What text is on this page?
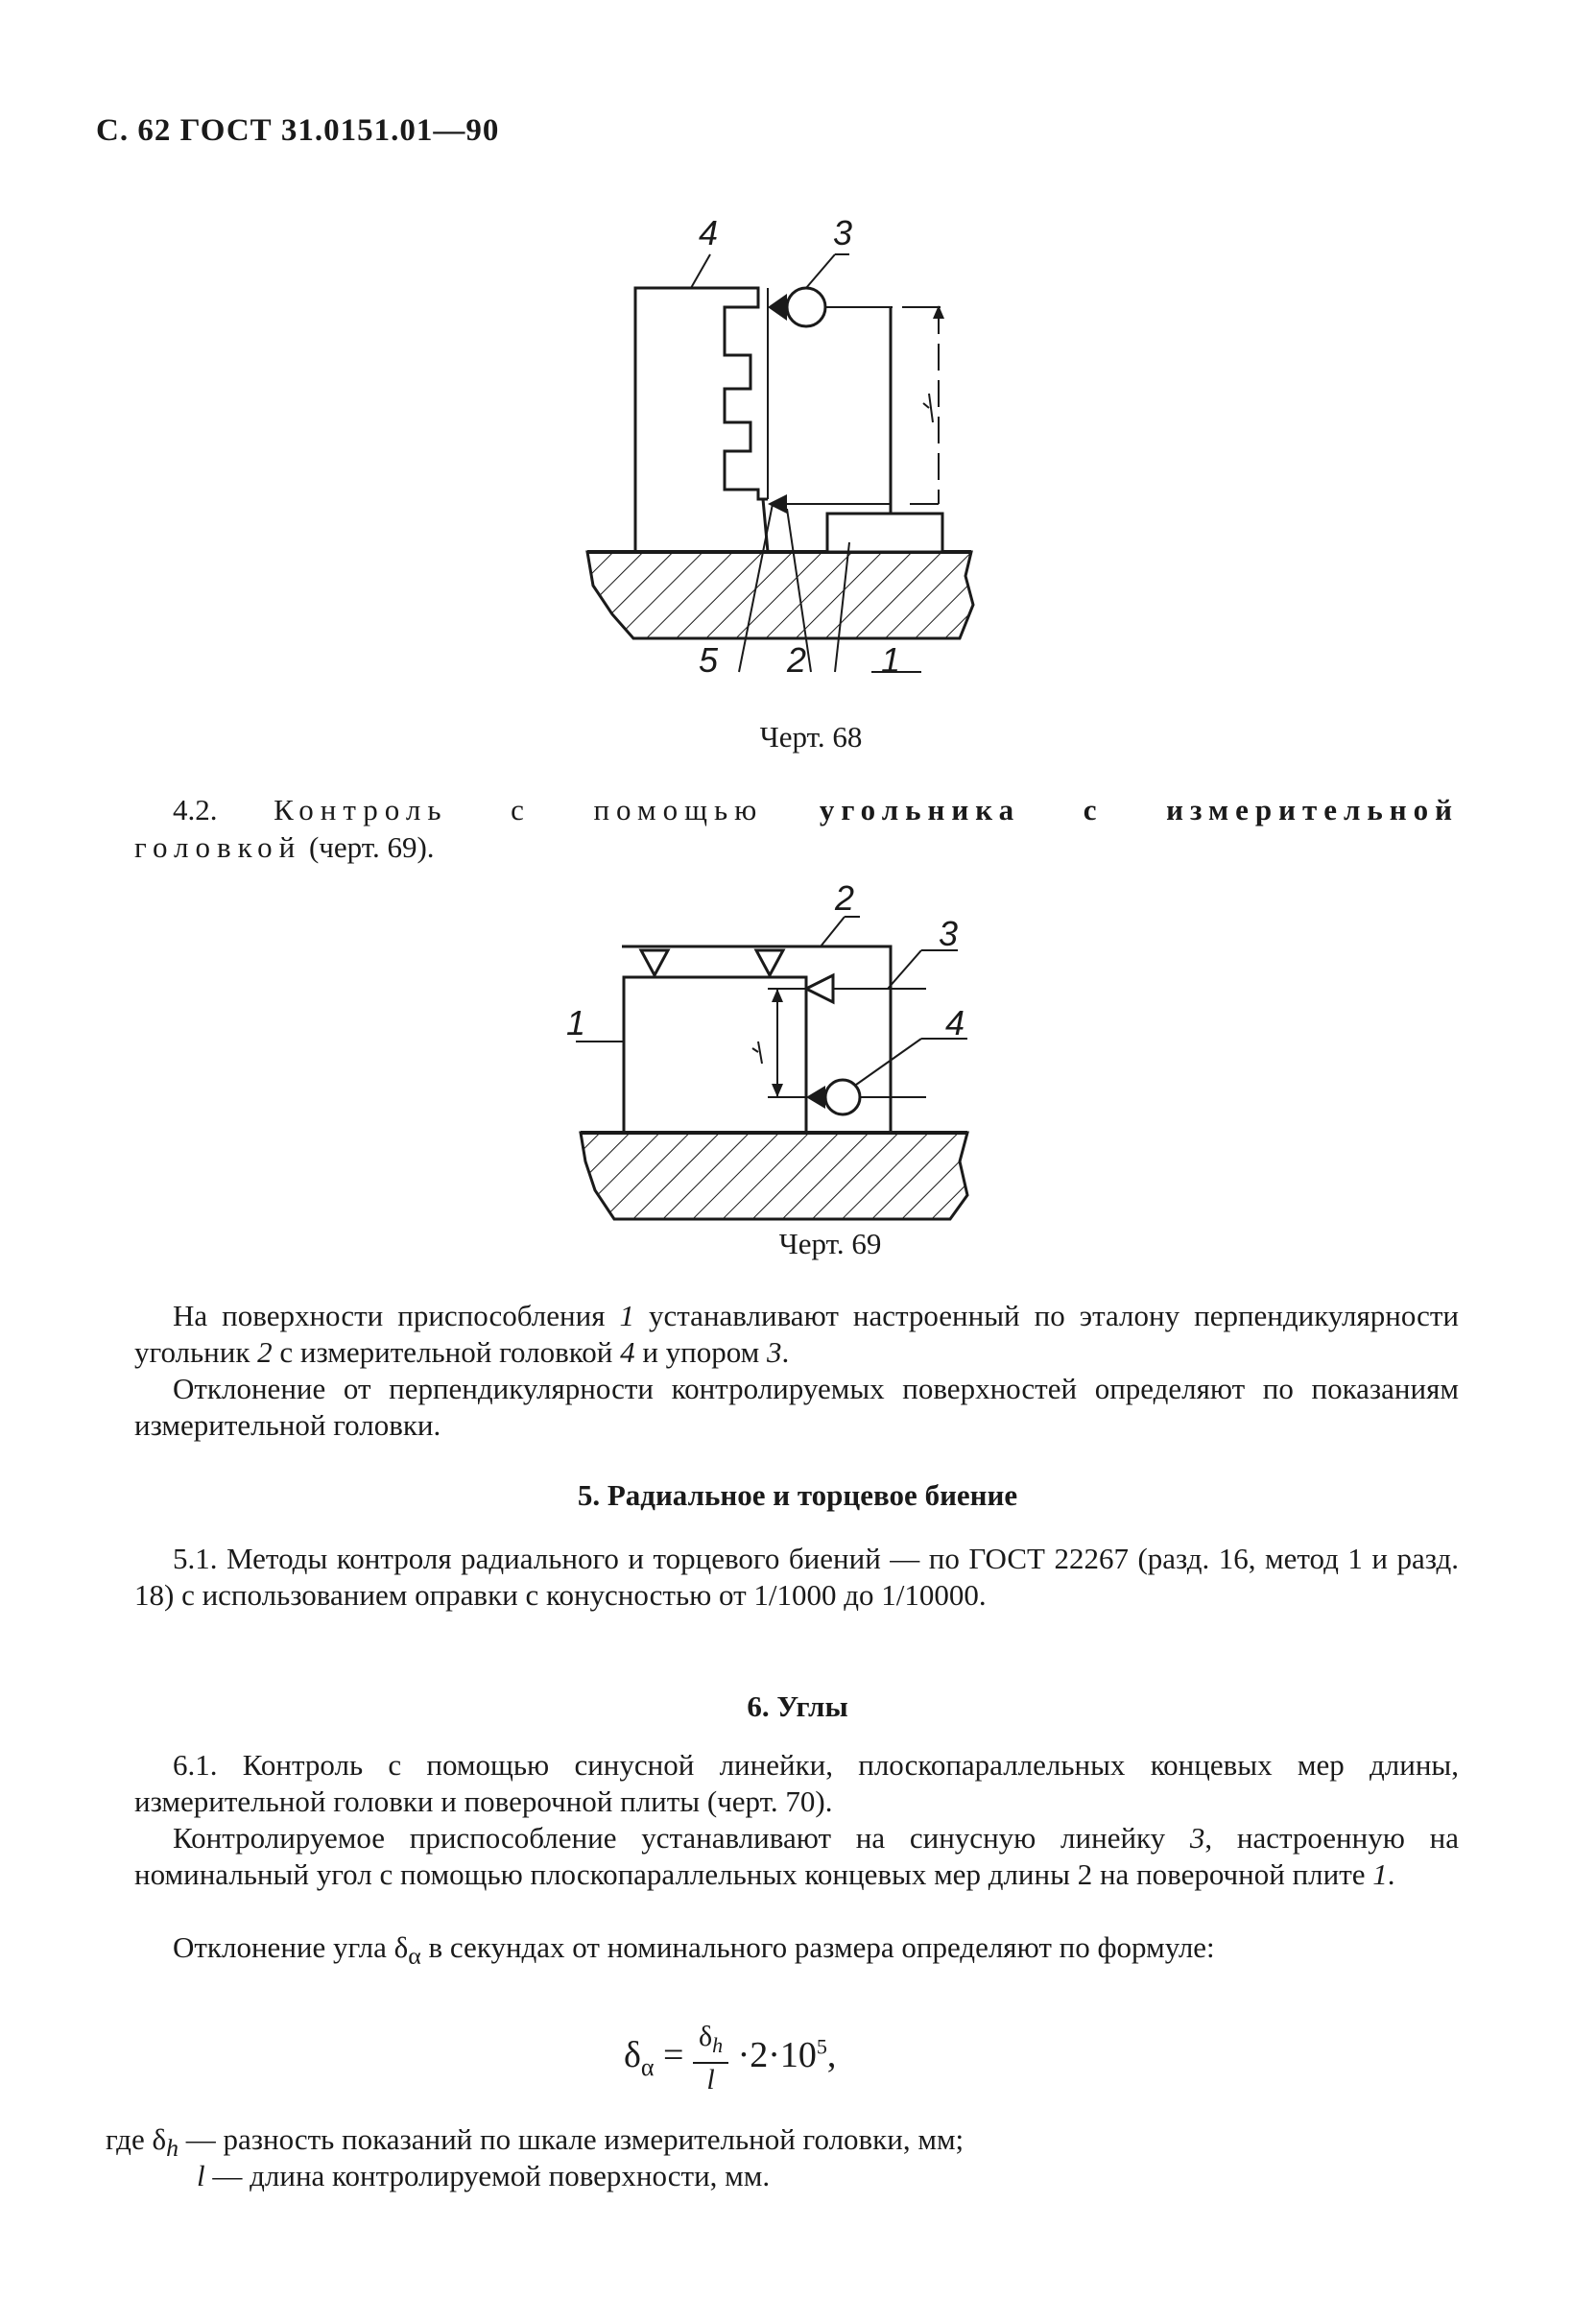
С. 62 ГОСТ 31.0151.01—90
4	3
5 2 1
Черт. 68
4.2. Контроль с помощью угольника с измерительной
головкой (черт. 69).
2
3
1	4
Черт. 69
На поверхности приспособления 1 устанавливают настроенный по эталону перпендикулярности угольник 2 с измерительной головкой 4 и упором 3.
Отклонение от перпендикулярности контролируемых поверхностей определяют по показаниям измерительной головки.
5. Радиальное и торцевое биение
5.1. Методы контроля радиального и торцевого биений — по ГОСТ 22267 (разд. 16, метод 1 и разд. 18) с использованием оправки с конусностью от 1/1000 до 1/10000.
6. Углы
6.1. Контроль с помощью синусной линейки, плоскопараллельных концевых мер длины, измерительной головки и поверочной плиты (черт. 70).
Контролируемое приспособление устанавливают на синусную линейку 3, настроенную на номинальный угол с помощью плоскопараллельных концевых мер длины 2 на поверочной плите 1.
Отклонение угла $\delta_\alpha$ в секундах от номинального размера определяют по формуле:
$\delta_\alpha = \frac{\delta_h}{l} \cdot 2\cdot 10^5$,
где $\delta_h$ — разность показаний по шкале измерительной головки, мм;
l — длина контролируемой поверхности, мм.
